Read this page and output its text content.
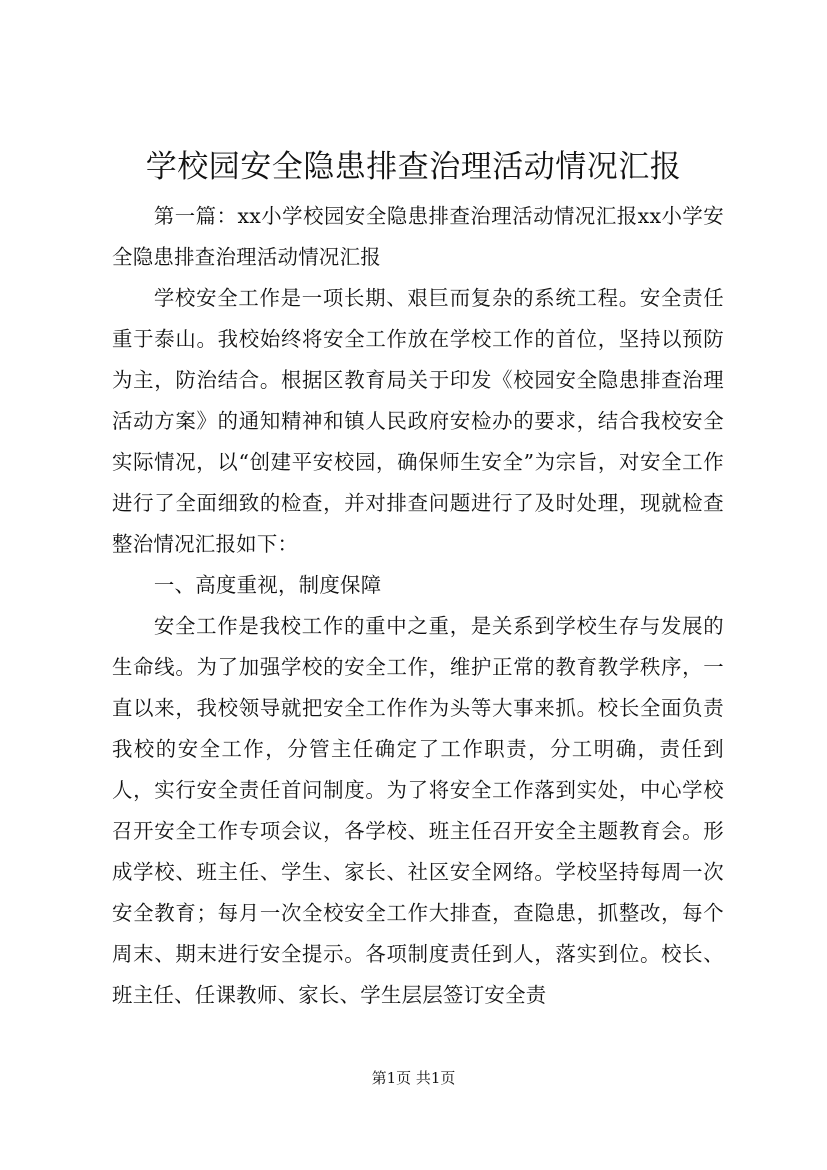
学校园安全隐患排查治理活动情况汇报

第一篇：xx小学校园安全隐患排查治理活动情况汇报xx小学安全隐患排查治理活动情况汇报

学校安全工作是一项长期、艰巨而复杂的系统工程。安全责任重于泰山。我校始终将安全工作放在学校工作的首位，坚持以预防为主，防治结合。根据区教育局关于印发《校园安全隐患排查治理活动方案》的通知精神和镇人民政府安检办的要求，结合我校安全实际情况，以“创建平安校园，确保师生安全”为宗旨，对安全工作进行了全面细致的检查，并对排查问题进行了及时处理，现就检查整治情况汇报如下：

一、高度重视，制度保障

安全工作是我校工作的重中之重，是关系到学校生存与发展的生命线。为了加强学校的安全工作，维护正常的教育教学秩序，一直以来，我校领导就把安全工作作为头等大事来抓。校长全面负责我校的安全工作，分管主任确定了工作职责，分工明确，责任到人，实行安全责任首问制度。为了将安全工作落到实处，中心学校召开安全工作专项会议，各学校、班主任召开安全主题教育会。形成学校、班主任、学生、家长、社区安全网络。学校坚持每周一次安全教育；每月一次全校安全工作大排查，查隐患，抓整改，每个周末、期末进行安全提示。各项制度责任到人，落实到位。校长、班主任、任课教师、家长、学生层层签订安全责

第1页 共1页
